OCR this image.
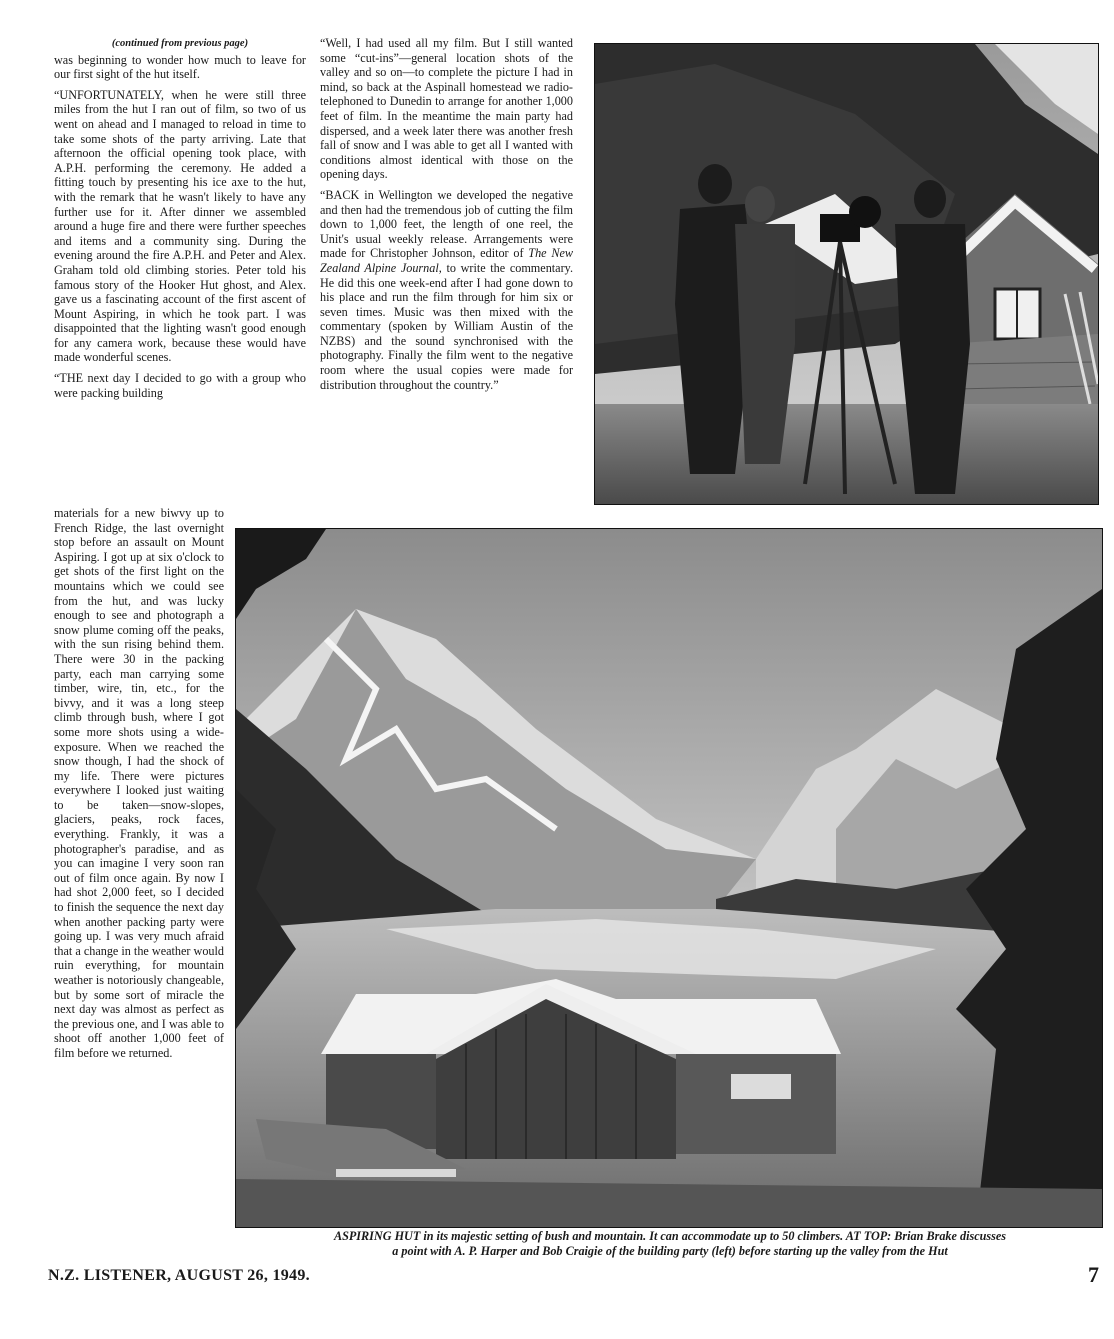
(continued from previous page)

was beginning to wonder how much to leave for our first sight of the hut itself.

“UNFORTUNATELY, when he were still three miles from the hut I ran out of film, so two of us went on ahead and I managed to reload in time to take some shots of the party arriving. Late that afternoon the official opening took place, with A.P.H. performing the ceremony. He added a fitting touch by presenting his ice axe to the hut, with the remark that he wasn't likely to have any further use for it. After dinner we assembled around a huge fire and there were further speeches and items and a community sing. During the evening around the fire A.P.H. and Peter and Alex. Graham told old climbing stories. Peter told his famous story of the Hooker Hut ghost, and Alex. gave us a fascinating account of the first ascent of Mount Aspiring, in which he took part. I was disappointed that the lighting wasn't good enough for any camera work, because these would have made wonderful scenes.

“THE next day I decided to go with a group who were packing building

materials for a new biwvy up to French Ridge, the last overnight stop before an assault on Mount Aspiring. I got up at six o'clock to get shots of the first light on the mountains which we could see from the hut, and was lucky enough to see and photograph a snow plume coming off the peaks, with the sun rising behind them. There were 30 in the packing party, each man carrying some timber, wire, tin, etc., for the bivvy, and it was a long steep climb through bush, where I got some more shots using a wide-exposure. When we reached the snow though, I had the shock of my life. There were pictures everywhere I looked just waiting to be taken—snow-slopes, glaciers, peaks, rock faces, everything. Frankly, it was a photographer's paradise, and as you can imagine I very soon ran out of film once again. By now I had shot 2,000 feet, so I decided to finish the sequence the next day when another packing party were going up. I was very much afraid that a change in the weather would ruin everything, for mountain weather is notoriously changeable, but by some sort of miracle the next day was almost as perfect as the previous one, and I was able to shoot off another 1,000 feet of film before we returned.

“Well, I had used all my film. But I still wanted some “cut-ins”—general location shots of the valley and so on—to complete the picture I had in mind, so back at the Aspinall homestead we radio-telephoned to Dunedin to arrange for another 1,000 feet of film. In the meantime the main party had dispersed, and a week later there was another fresh fall of snow and I was able to get all I wanted with conditions almost identical with those on the opening days.

“BACK in Wellington we developed the negative and then had the tremendous job of cutting the film down to 1,000 feet, the length of one reel, the Unit's usual weekly release. Arrangements were made for Christopher Johnson, editor of The New Zealand Alpine Journal, to write the commentary. He did this one week-end after I had gone down to his place and run the film through for him six or seven times. Music was then mixed with the commentary (spoken by William Austin of the NZBS) and the sound synchronised with the photography. Finally the film went to the negative room where the usual copies were made for distribution throughout the country.”

ASPIRING HUT in its majestic setting of bush and mountain. It can accommodate up to 50 climbers. AT TOP: Brian Brake discusses
a point with A. P. Harper and Bob Craigie of the building party (left) before starting up the valley from the Hut
N.Z. LISTENER, AUGUST 26, 1949.	7
